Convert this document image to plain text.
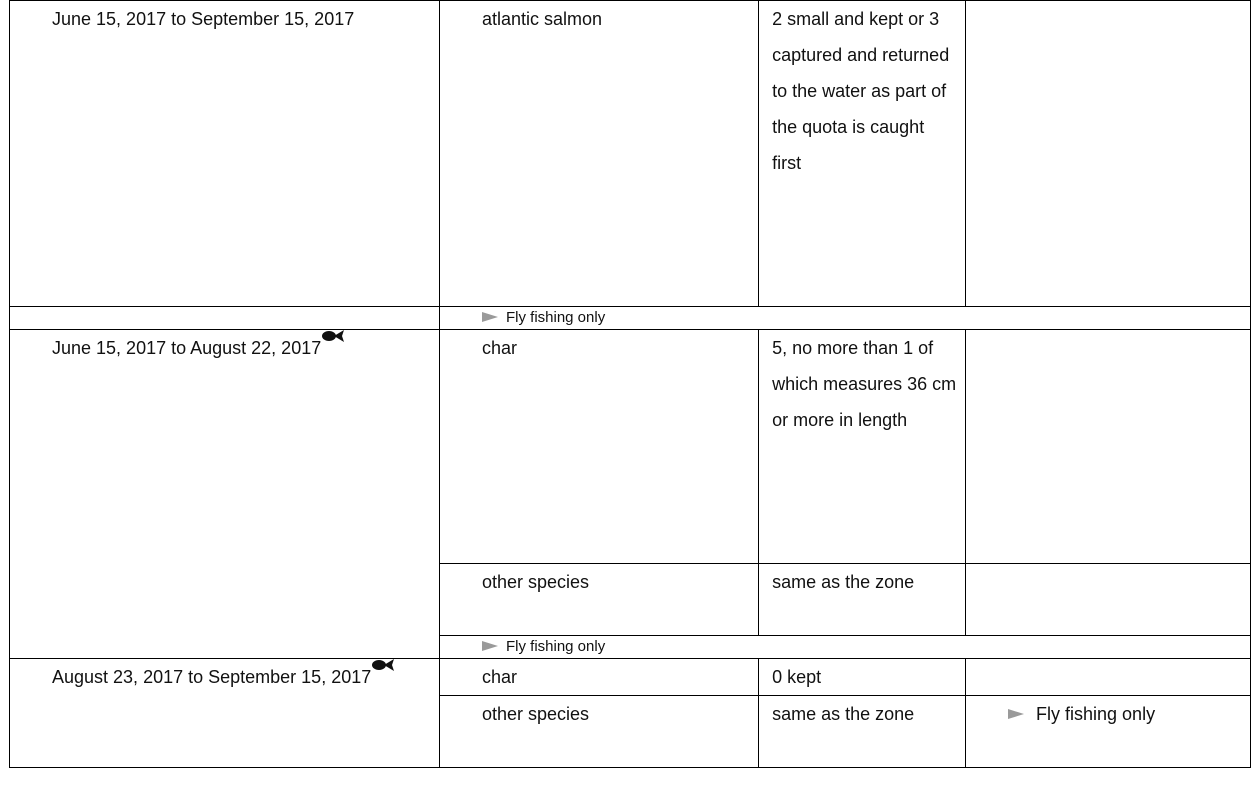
June 15, 2017 to September 15, 2017	atlantic salmon	2 small and kept or 3 captured and returned to the water as part of the quota is caught first	
	Fly fishing only		
June 15, 2017 to August 22, 2017	char	5, no more than 1 of which measures 36 cm or more in length	
	other species	same as the zone	
	Fly fishing only		
August 23, 2017 to September 15, 2017	char	0 kept	
	other species	same as the zone	Fly fishing only
